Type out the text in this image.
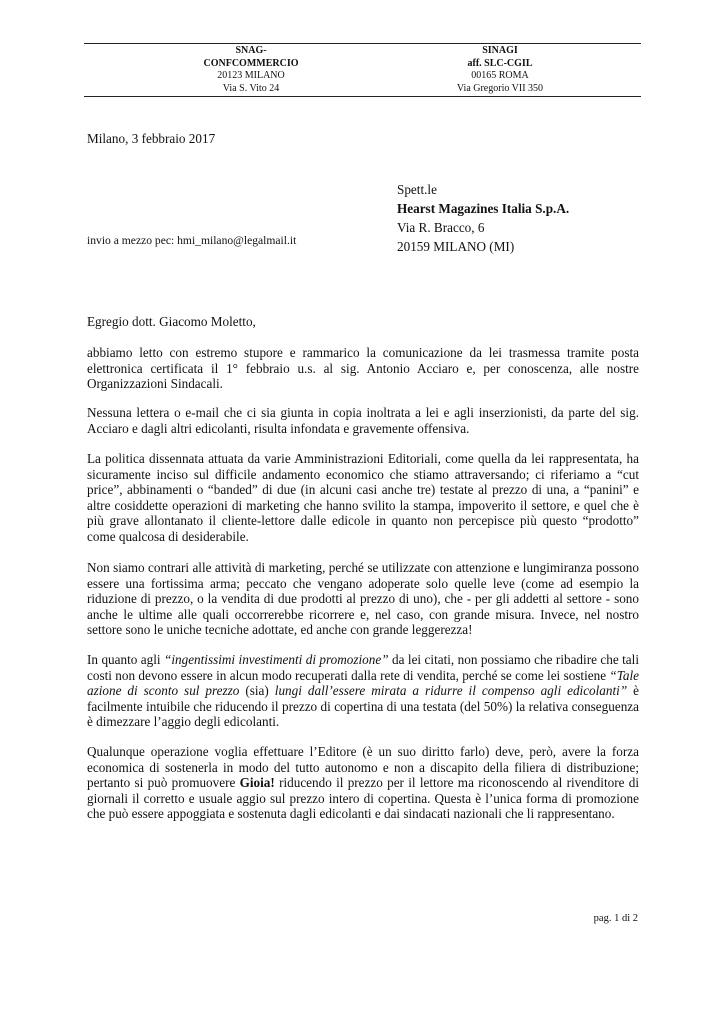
SNAG-
CONFCOMMERCIO
20123 MILANO
Via S. Vito 24
SINAGI
aff. SLC-CGIL
00165 ROMA
Via Gregorio VII 350
Milano, 3 febbraio 2017
Spett.le
Hearst Magazines Italia S.p.A.
Via R. Bracco, 6
20159 MILANO (MI)
invio a mezzo pec: hmi_milano@legalmail.it
Egregio dott. Giacomo Moletto,
abbiamo letto con estremo stupore e rammarico la comunicazione da lei trasmessa tramite posta elettronica certificata il 1° febbraio u.s. al sig. Antonio Acciaro e, per conoscenza, alle nostre Organizzazioni Sindacali.
Nessuna lettera o e-mail che ci sia giunta in copia inoltrata a lei e agli inserzionisti, da parte del sig. Acciaro e dagli altri edicolanti, risulta infondata e gravemente offensiva.
La politica dissennata attuata da varie Amministrazioni Editoriali, come quella da lei rappresentata, ha sicuramente inciso sul difficile andamento economico che stiamo attraversando; ci riferiamo a “cut price”, abbinamenti o “banded” di due (in alcuni casi anche tre) testate al prezzo di una, a “panini” e altre cosiddette operazioni di marketing che hanno svilito la stampa, impoverito il settore, e quel che è più grave allontanato il cliente-lettore dalle edicole in quanto non percepisce più questo “prodotto” come qualcosa di desiderabile.
Non siamo contrari alle attività di marketing, perché se utilizzate con attenzione e lungimiranza possono essere una fortissima arma; peccato che vengano adoperate solo quelle leve (come ad esempio la riduzione di prezzo, o la vendita di due prodotti al prezzo di uno), che - per gli addetti al settore - sono anche le ultime alle quali occorrerebbe ricorrere e, nel caso, con grande misura. Invece, nel nostro settore sono le uniche tecniche adottate, ed anche con grande leggerezza!
In quanto agli “ingentissimi investimenti di promozione” da lei citati, non possiamo che ribadire che tali costi non devono essere in alcun modo recuperati dalla rete di vendita, perché se come lei sostiene “Tale azione di sconto sul prezzo (sia) lungi dall’essere mirata a ridurre il compenso agli edicolanti” è facilmente intuibile che riducendo il prezzo di copertina di una testata (del 50%) la relativa conseguenza è dimezzare l’aggio degli edicolanti.
Qualunque operazione voglia effettuare l’Editore (è un suo diritto farlo) deve, però, avere la forza economica di sostenerla in modo del tutto autonomo e non a discapito della filiera di distribuzione; pertanto si può promuovere Gioia! riducendo il prezzo per il lettore ma riconoscendo al rivenditore di giornali il corretto e usuale aggio sul prezzo intero di copertina. Questa è l’unica forma di promozione che può essere appoggiata e sostenuta dagli edicolanti e dai sindacati nazionali che li rappresentano.
pag. 1 di 2
